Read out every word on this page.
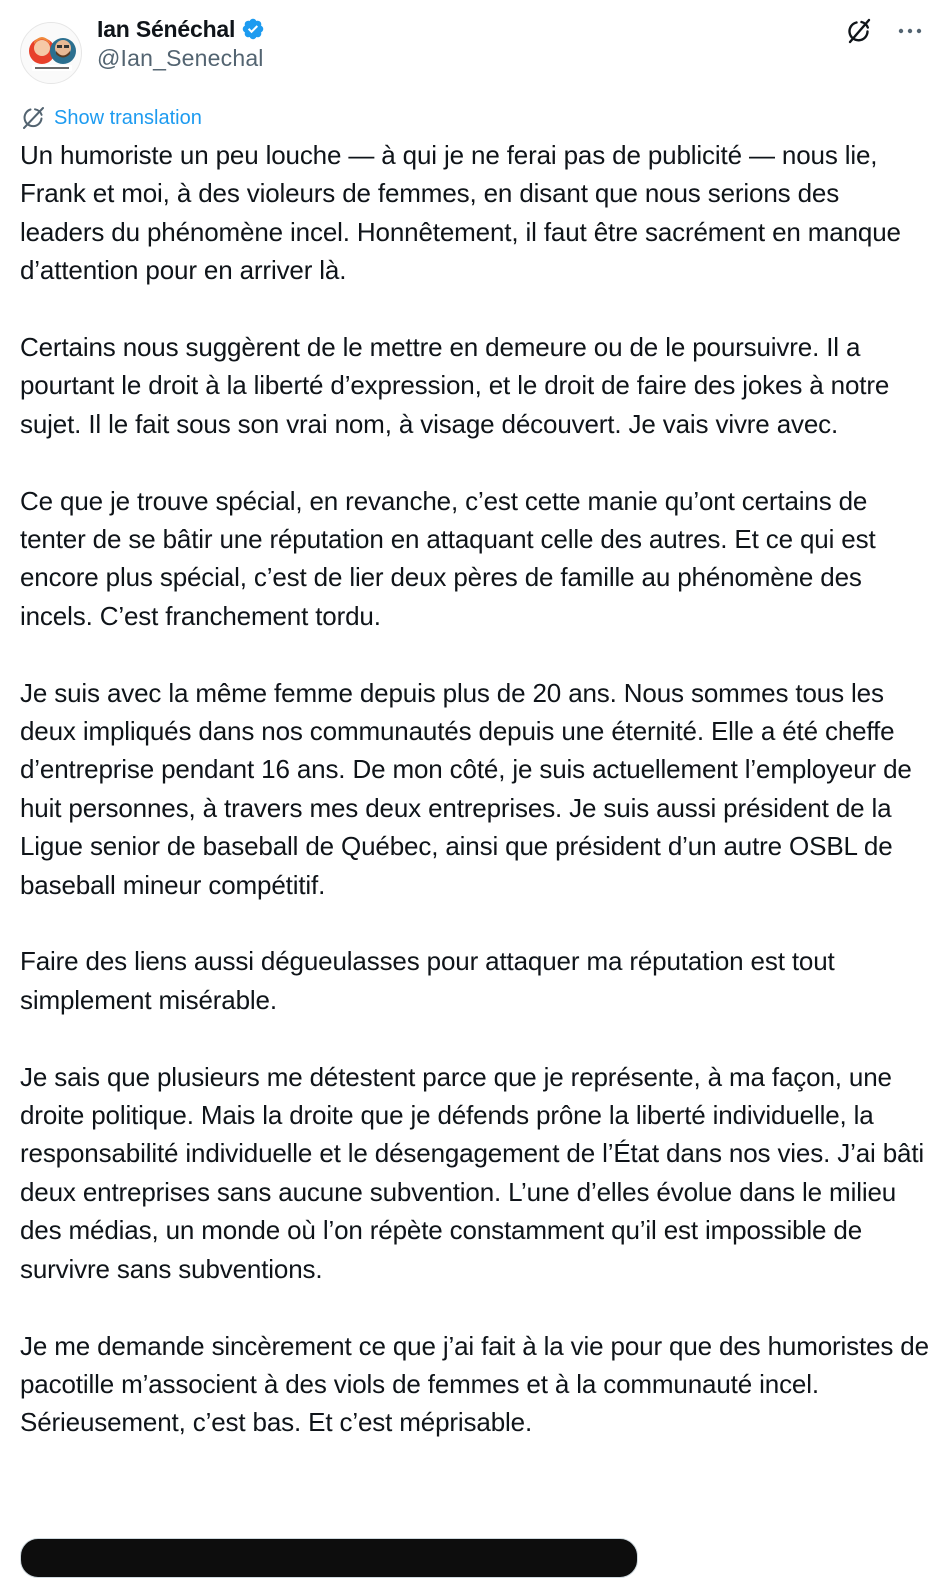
Ian Sénéchal
@Ian_Senechal
Show translation

Un humoriste un peu louche — à qui je ne ferai pas de publicité — nous lie, Frank et moi, à des violeurs de femmes, en disant que nous serions des leaders du phénomène incel. Honnêtement, il faut être sacrément en manque d’attention pour en arriver là.

Certains nous suggèrent de le mettre en demeure ou de le poursuivre. Il a pourtant le droit à la liberté d’expression, et le droit de faire des jokes à notre sujet. Il le fait sous son vrai nom, à visage découvert. Je vais vivre avec.

Ce que je trouve spécial, en revanche, c’est cette manie qu’ont certains de tenter de se bâtir une réputation en attaquant celle des autres. Et ce qui est encore plus spécial, c’est de lier deux pères de famille au phénomène des incels. C’est franchement tordu.

Je suis avec la même femme depuis plus de 20 ans. Nous sommes tous les deux impliqués dans nos communautés depuis une éternité. Elle a été cheffe d’entreprise pendant 16 ans. De mon côté, je suis actuellement l’employeur de huit personnes, à travers mes deux entreprises. Je suis aussi président de la Ligue senior de baseball de Québec, ainsi que président d’un autre OSBL de baseball mineur compétitif.

Faire des liens aussi dégueulasses pour attaquer ma réputation est tout simplement misérable.

Je sais que plusieurs me détestent parce que je représente, à ma façon, une droite politique. Mais la droite que je défends prône la liberté individuelle, la responsabilité individuelle et le désengagement de l’État dans nos vies. J’ai bâti deux entreprises sans aucune subvention. L’une d’elles évolue dans le milieu des médias, un monde où l’on répète constamment qu’il est impossible de survivre sans subventions.

Je me demande sincèrement ce que j’ai fait à la vie pour que des humoristes de pacotille m’associent à des viols de femmes et à la communauté incel. Sérieusement, c’est bas. Et c’est méprisable.
